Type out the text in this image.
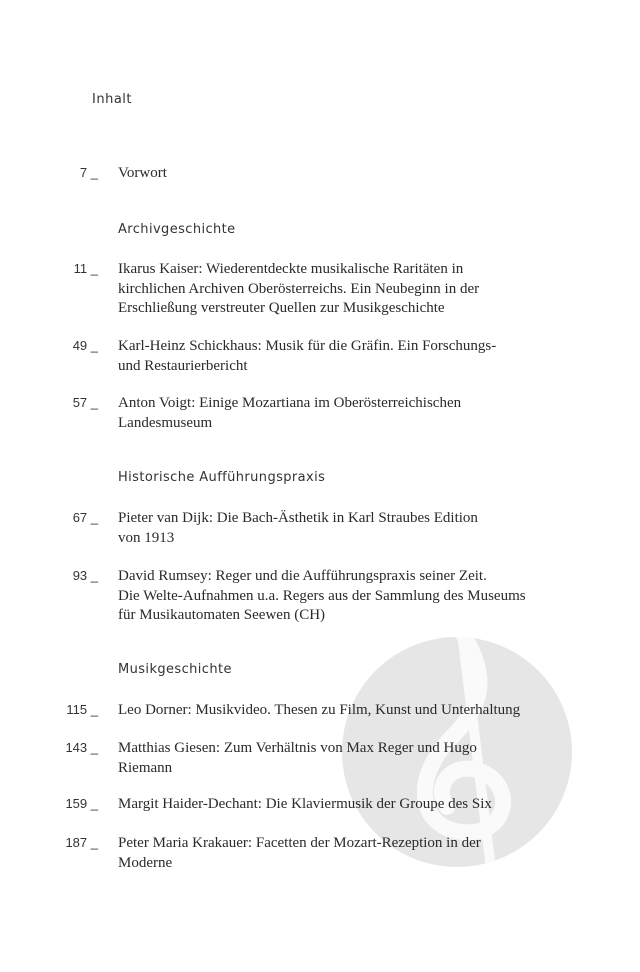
Inhalt
7 _ Vorwort
Archivgeschichte
11 _ Ikarus Kaiser: Wiederentdeckte musikalische Raritäten in
kirchlichen Archiven Oberösterreichs. Ein Neubeginn in der
Erschließung verstreuter Quellen zur Musikgeschichte
49 _ Karl-Heinz Schickhaus: Musik für die Gräfin. Ein Forschungs-
und Restaurierbericht
57 _ Anton Voigt: Einige Mozartiana im Oberösterreichischen
Landesmuseum
Historische Aufführungspraxis
67 _ Pieter van Dijk: Die Bach-Ästhetik in Karl Straubes Edition
von 1913
93 _ David Rumsey: Reger und die Aufführungspraxis seiner Zeit.
Die Welte-Aufnahmen u.a. Regers aus der Sammlung des Museums
für Musikautomaten Seewen (CH)
Musikgeschichte
115 _ Leo Dorner: Musikvideo. Thesen zu Film, Kunst und Unterhaltung
143 _ Matthias Giesen: Zum Verhältnis von Max Reger und Hugo
Riemann
159 _ Margit Haider-Dechant: Die Klaviermusik der Groupe des Six
187 _ Peter Maria Krakauer: Facetten der Mozart-Rezeption in der
Moderne
